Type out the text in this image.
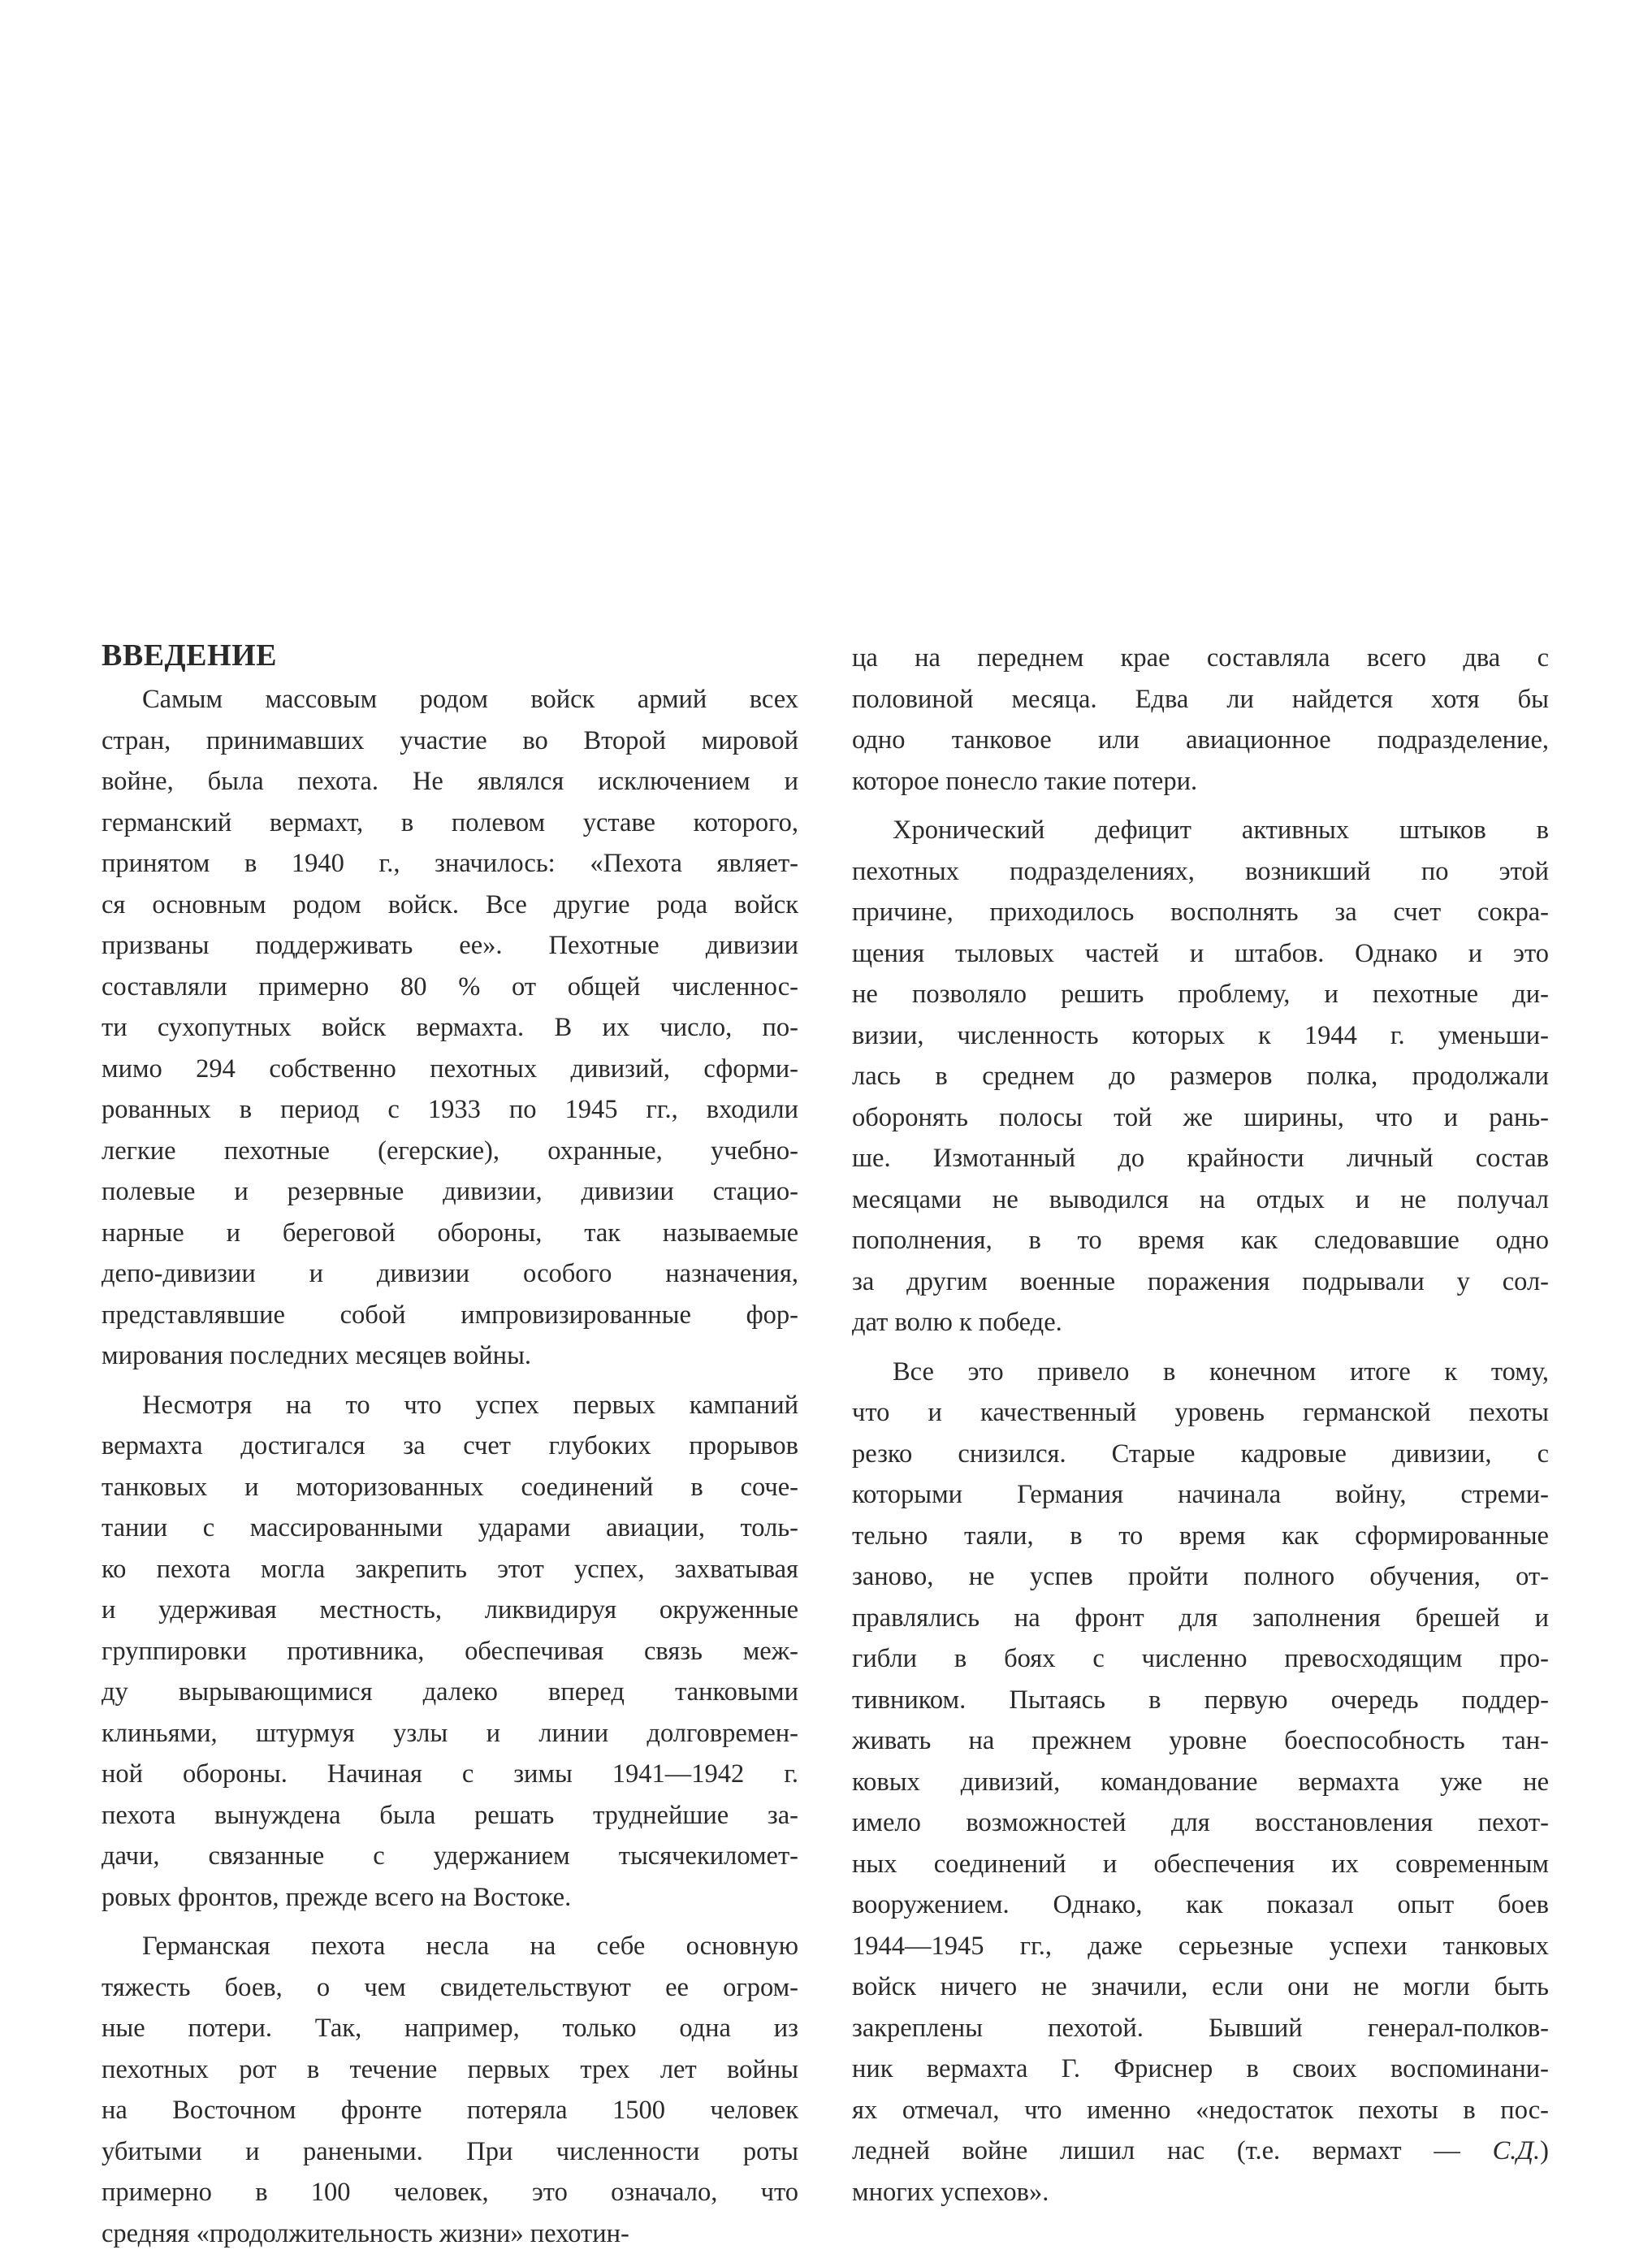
ВВЕДЕНИЕ
Самым массовым родом войск армий всех
стран, принимавших участие во Второй мировой
войне, была пехота. Не являлся исключением и
германский вермахт, в полевом уставе которого,
принятом в 1940 г., значилось: «Пехота являет-
ся основным родом войск. Все другие рода войск
призваны поддерживать ее». Пехотные дивизии
составляли примерно 80 % от общей численнос-
ти сухопутных войск вермахта. В их число, по-
мимо 294 собственно пехотных дивизий, сформи-
рованных в период с 1933 по 1945 гг., входили
легкие пехотные (егерские), охранные, учебно-
полевые и резервные дивизии, дивизии стацио-
нарные и береговой обороны, так называемые
депо-дивизии и дивизии особого назначения,
представлявшие собой импровизированные фор-
мирования последних месяцев войны.
Несмотря на то что успех первых кампаний
вермахта достигался за счет глубоких прорывов
танковых и моторизованных соединений в соче-
тании с массированными ударами авиации, толь-
ко пехота могла закрепить этот успех, захватывая
и удерживая местность, ликвидируя окруженные
группировки противника, обеспечивая связь меж-
ду вырывающимися далеко вперед танковыми
клиньями, штурмуя узлы и линии долговремен-
ной обороны. Начиная с зимы 1941—1942 г.
пехота вынуждена была решать труднейшие за-
дачи, связанные с удержанием тысячекиломет-
ровых фронтов, прежде всего на Востоке.
Германская пехота несла на себе основную
тяжесть боев, о чем свидетельствуют ее огром-
ные потери. Так, например, только одна из
пехотных рот в течение первых трех лет войны
на Восточном фронте потеряла 1500 человек
убитыми и ранеными. При численности роты
примерно в 100 человек, это означало, что
средняя «продолжительность жизни» пехотин-
ца на переднем крае составляла всего два с
половиной месяца. Едва ли найдется хотя бы
одно танковое или авиационное подразделение,
которое понесло такие потери.
Хронический дефицит активных штыков в
пехотных подразделениях, возникший по этой
причине, приходилось восполнять за счет сокра-
щения тыловых частей и штабов. Однако и это
не позволяло решить проблему, и пехотные ди-
визии, численность которых к 1944 г. уменьши-
лась в среднем до размеров полка, продолжали
оборонять полосы той же ширины, что и рань-
ше. Измотанный до крайности личный состав
месяцами не выводился на отдых и не получал
пополнения, в то время как следовавшие одно
за другим военные поражения подрывали у сол-
дат волю к победе.
Все это привело в конечном итоге к тому,
что и качественный уровень германской пехоты
резко снизился. Старые кадровые дивизии, с
которыми Германия начинала войну, стреми-
тельно таяли, в то время как сформированные
заново, не успев пройти полного обучения, от-
правлялись на фронт для заполнения брешей и
гибли в боях с численно превосходящим про-
тивником. Пытаясь в первую очередь поддер-
живать на прежнем уровне боеспособность тан-
ковых дивизий, командование вермахта уже не
имело возможностей для восстановления пехот-
ных соединений и обеспечения их современным
вооружением. Однако, как показал опыт боев
1944—1945 гг., даже серьезные успехи танковых
войск ничего не значили, если они не могли быть
закреплены пехотой. Бывший генерал-полков-
ник вермахта Г. Фриснер в своих воспоминани-
ях отмечал, что именно «недостаток пехоты в пос-
ледней войне лишил нас (т.е. вермахт — С.Д.)
многих успехов».
